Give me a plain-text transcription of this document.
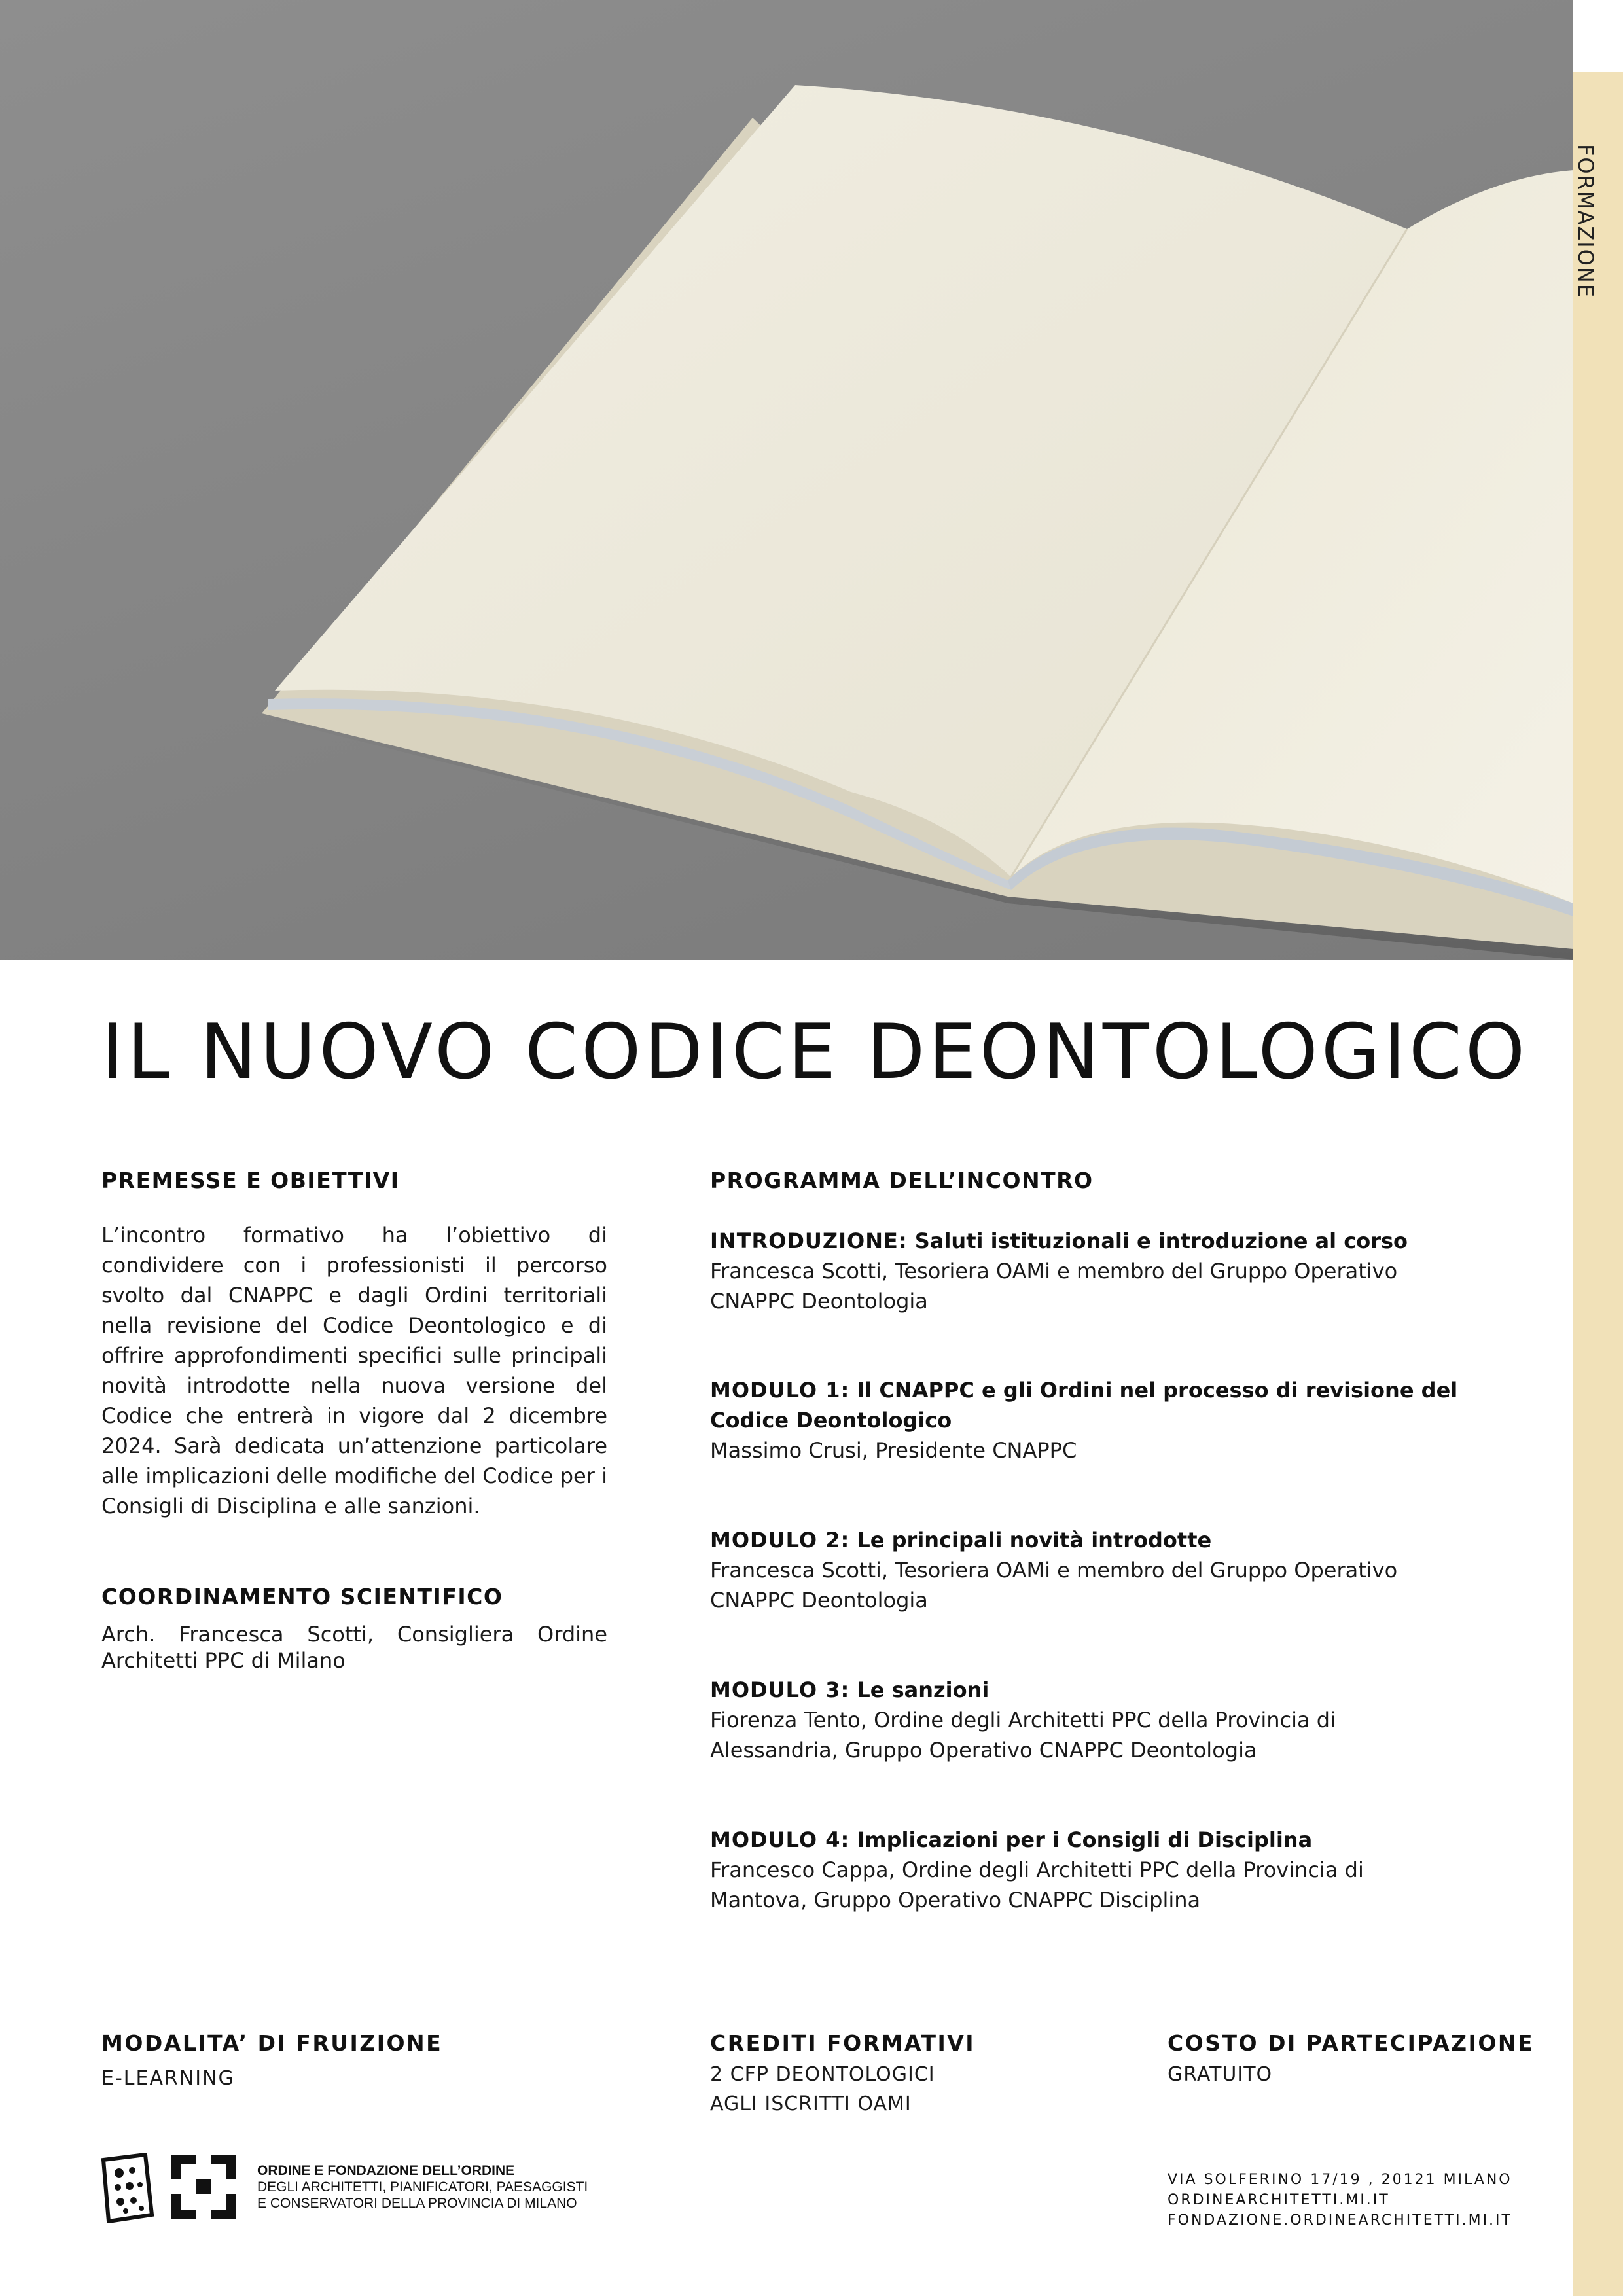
FORMAZIONE
IL NUOVO CODICE DEONTOLOGICO
PREMESSE E OBIETTIVI

L’incontro formativo ha l’obiettivo di condividere con i professionisti il percorso svolto dal CNAPPC e dagli Ordini territoriali nella revisione del Codice Deontologico e di offrire approfondimenti specifici sulle principali novità introdotte nella nuova versione del Codice che entrerà in vigore dal 2 dicembre 2024. Sarà dedicata un’attenzione particolare alle implicazioni delle modifiche del Codice per i Consigli di Disciplina e alle sanzioni.

COORDINAMENTO SCIENTIFICO

Arch. Francesca Scotti, Consigliera Ordine Architetti PPC di Milano

PROGRAMMA DELL’INCONTRO

INTRODUZIONE: Saluti istituzionali e introduzione al corso

Francesca Scotti, Tesoriera OAMi e membro del Gruppo Operativo CNAPPC Deontologia

MODULO 1: Il CNAPPC e gli Ordini nel processo di revisione del Codice Deontologico

Massimo Crusi, Presidente CNAPPC

MODULO 2: Le principali novità introdotte

Francesca Scotti, Tesoriera OAMi e membro del Gruppo Operativo CNAPPC Deontologia

MODULO 3: Le sanzioni

Fiorenza Tento, Ordine degli Architetti PPC della Provincia di Alessandria, Gruppo Operativo CNAPPC Deontologia

MODULO 4: Implicazioni per i Consigli di Disciplina

Francesco Cappa, Ordine degli Architetti PPC della Provincia di Mantova, Gruppo Operativo CNAPPC Disciplina

MODALITA’ DI FRUIZIONE

E-LEARNING

CREDITI FORMATIVI

2 CFP DEONTOLOGICI

AGLI ISCRITTI OAMI

COSTO DI PARTECIPAZIONE

GRATUITO

ORDINE E FONDAZIONE DELL’ORDINE
DEGLI ARCHITETTI, PIANIFICATORI, PAESAGGISTI
E CONSERVATORI DELLA PROVINCIA DI MILANO
VIA SOLFERINO 17/19 , 20121 MILANO
ORDINEARCHITETTI.MI.IT
FONDAZIONE.ORDINEARCHITETTI.MI.IT
